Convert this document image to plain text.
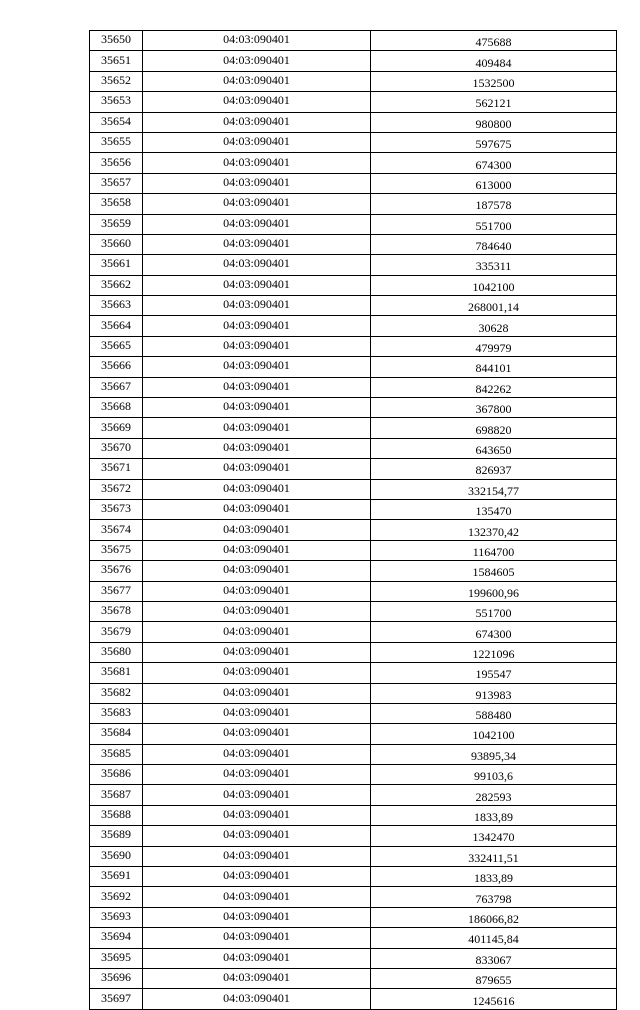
35650	04:03:090401	475688
35651	04:03:090401	409484
35652	04:03:090401	1532500
35653	04:03:090401	562121
35654	04:03:090401	980800
35655	04:03:090401	597675
35656	04:03:090401	674300
35657	04:03:090401	613000
35658	04:03:090401	187578
35659	04:03:090401	551700
35660	04:03:090401	784640
35661	04:03:090401	335311
35662	04:03:090401	1042100
35663	04:03:090401	268001,14
35664	04:03:090401	30628
35665	04:03:090401	479979
35666	04:03:090401	844101
35667	04:03:090401	842262
35668	04:03:090401	367800
35669	04:03:090401	698820
35670	04:03:090401	643650
35671	04:03:090401	826937
35672	04:03:090401	332154,77
35673	04:03:090401	135470
35674	04:03:090401	132370,42
35675	04:03:090401	1164700
35676	04:03:090401	1584605
35677	04:03:090401	199600,96
35678	04:03:090401	551700
35679	04:03:090401	674300
35680	04:03:090401	1221096
35681	04:03:090401	195547
35682	04:03:090401	913983
35683	04:03:090401	588480
35684	04:03:090401	1042100
35685	04:03:090401	93895,34
35686	04:03:090401	99103,6
35687	04:03:090401	282593
35688	04:03:090401	1833,89
35689	04:03:090401	1342470
35690	04:03:090401	332411,51
35691	04:03:090401	1833,89
35692	04:03:090401	763798
35693	04:03:090401	186066,82
35694	04:03:090401	401145,84
35695	04:03:090401	833067
35696	04:03:090401	879655
35697	04:03:090401	1245616
